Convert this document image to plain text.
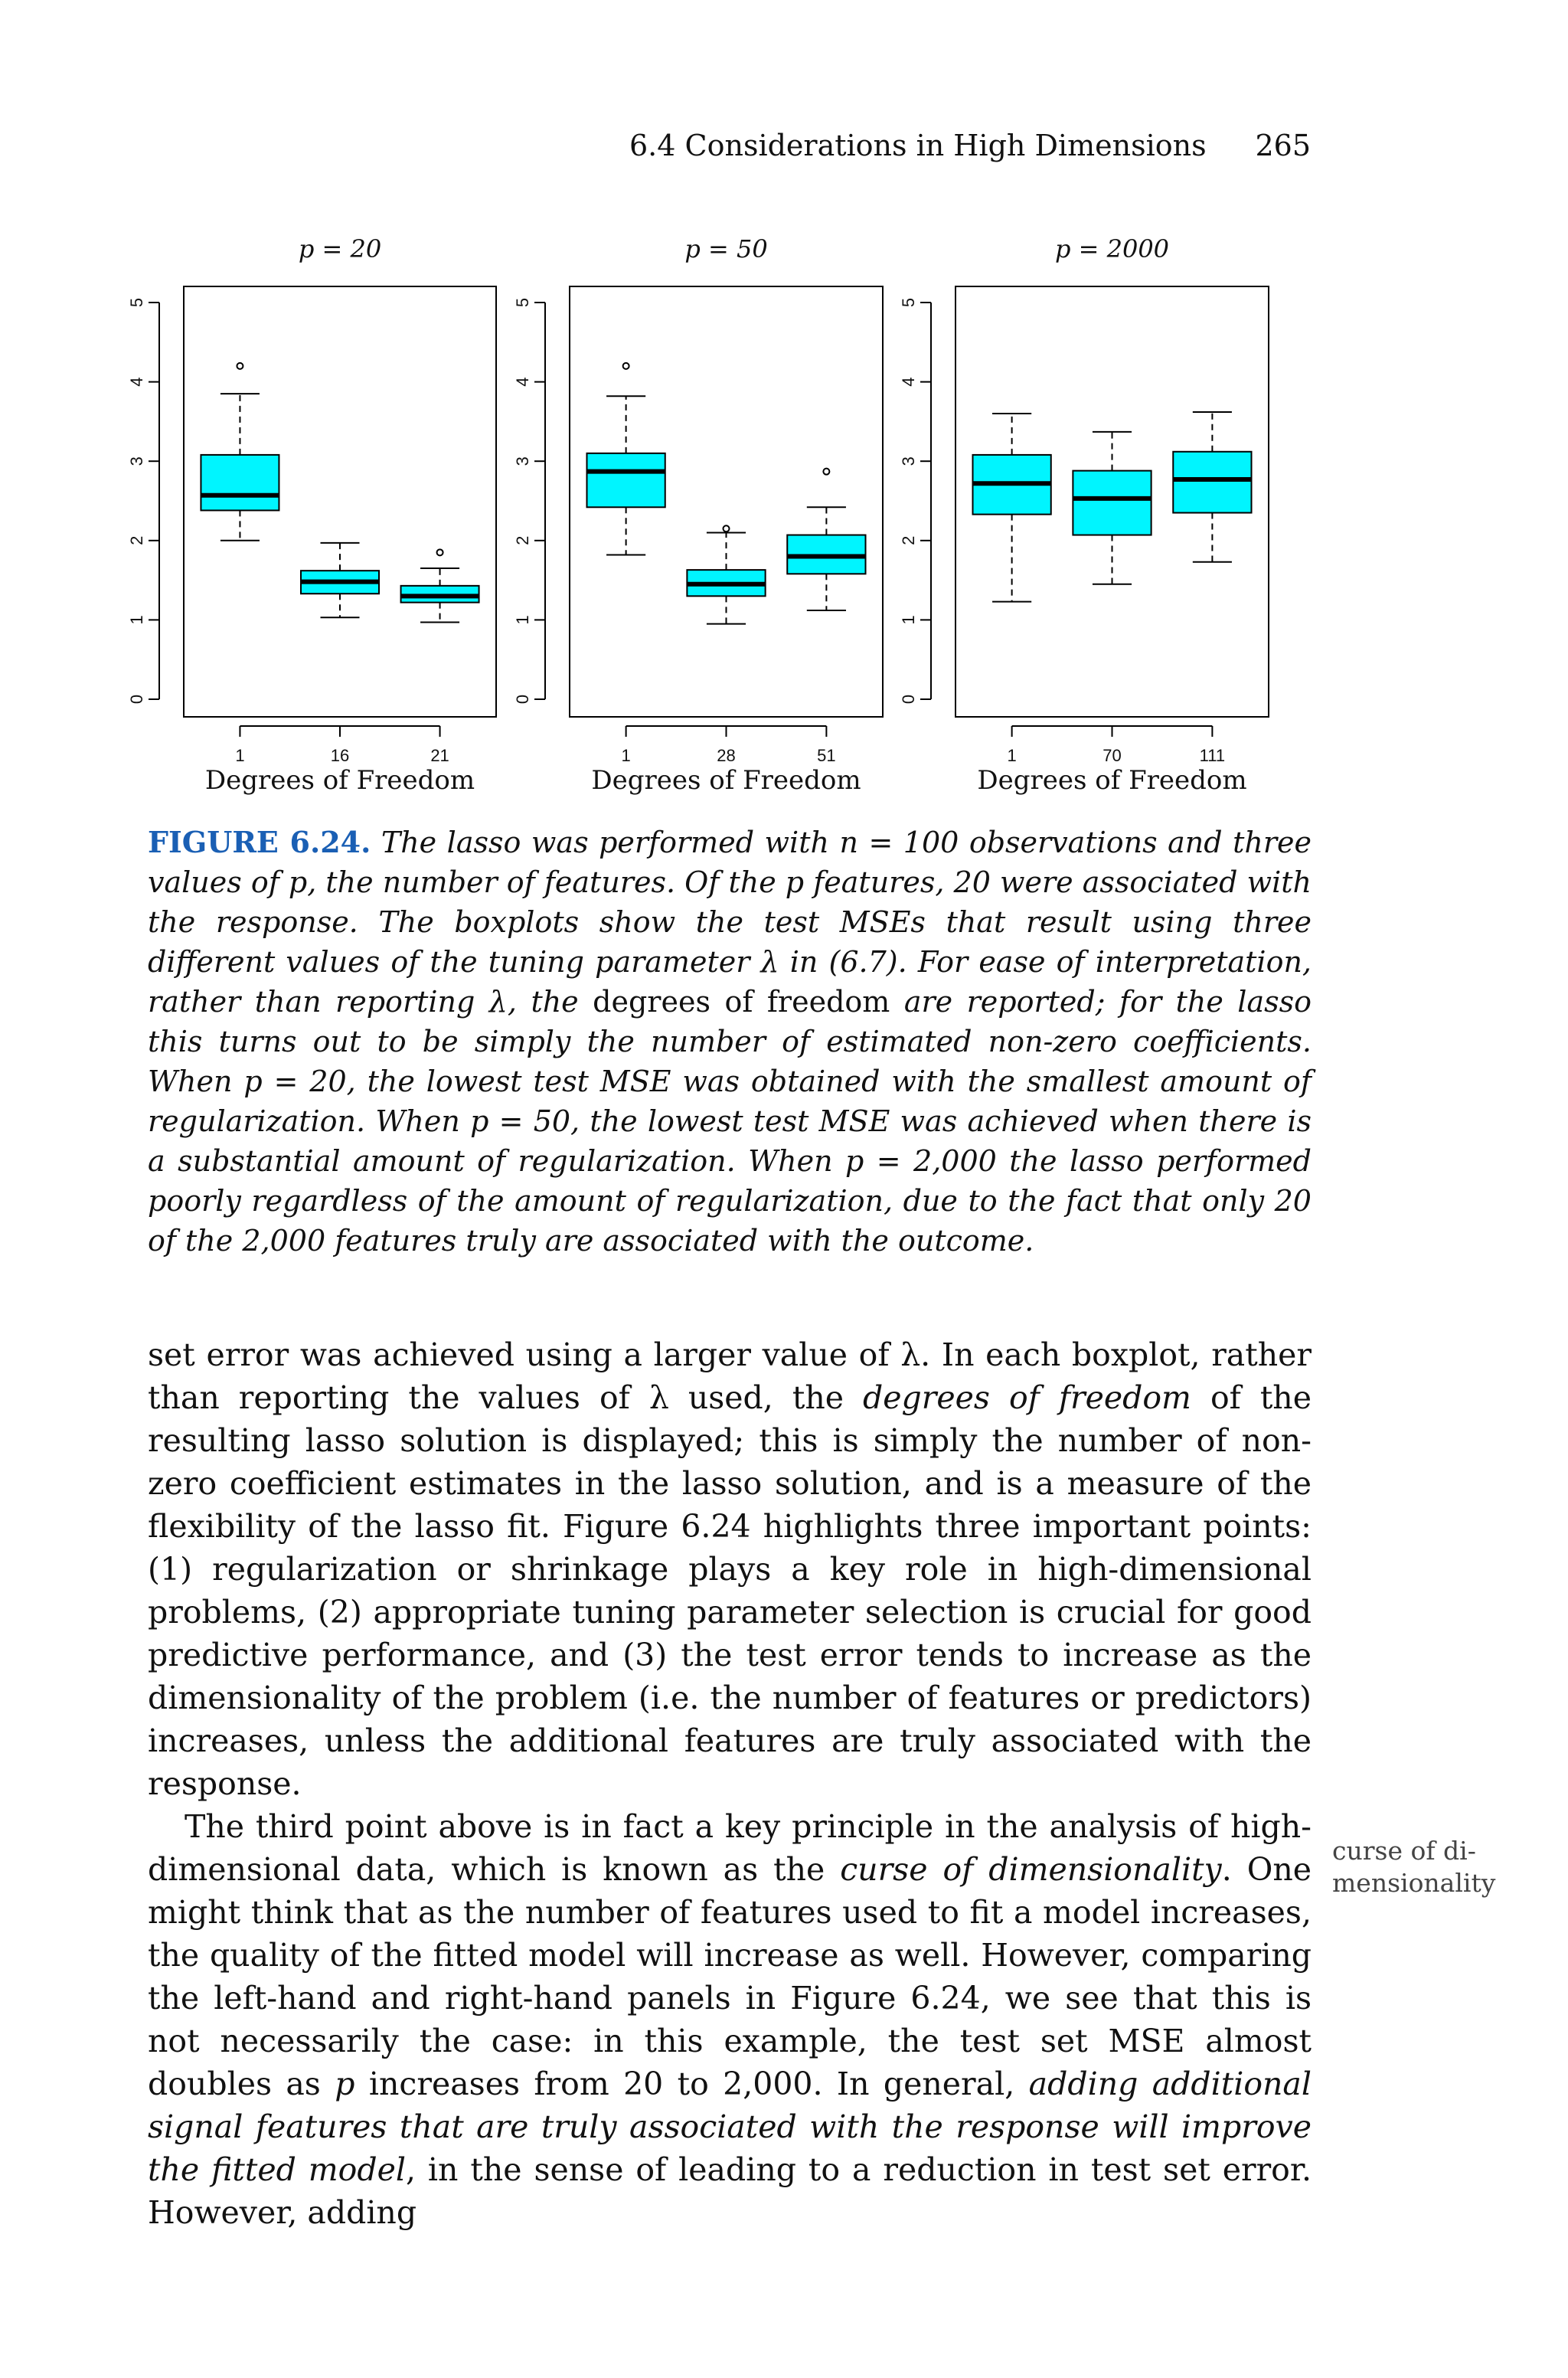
6.4 Considerations in High Dimensions 265
p = 20
Degrees of Freedom
0
1
2
3
4
5
1	16	21
p = 50
Degrees of Freedom
0
1
2
3
4
5
1	28	51
p = 2000
Degrees of Freedom
0
1
2
3
4
5
1	70	111
FIGURE 6.24. The lasso was performed with n = 100 observations and three values of p, the number of features. Of the p features, 20 were associated with the response. The boxplots show the test MSEs that result using three different values of the tuning parameter λ in (6.7). For ease of interpretation, rather than reporting λ, the degrees of freedom are reported; for the lasso this turns out to be simply the number of estimated non-zero coefficients. When p = 20, the lowest test MSE was obtained with the smallest amount of regularization. When p = 50, the lowest test MSE was achieved when there is a substantial amount of regularization. When p = 2,000 the lasso performed poorly regardless of the amount of regularization, due to the fact that only 20 of the 2,000 features truly are associated with the outcome.

set error was achieved using a larger value of λ. In each boxplot, rather than reporting the values of λ used, the degrees of freedom of the resulting lasso solution is displayed; this is simply the number of non-zero coefficient estimates in the lasso solution, and is a measure of the flexibility of the lasso fit. Figure 6.24 highlights three important points: (1) regularization or shrinkage plays a key role in high-dimensional problems, (2) appropriate tuning parameter selection is crucial for good predictive performance, and (3) the test error tends to increase as the dimensionality of the problem (i.e. the number of features or predictors) increases, unless the additional features are truly associated with the response.

The third point above is in fact a key principle in the analysis of high-dimensional data, which is known as the curse of dimensionality. One might think that as the number of features used to fit a model increases, the quality of the fitted model will increase as well. However, comparing the left-hand and right-hand panels in Figure 6.24, we see that this is not necessarily the case: in this example, the test set MSE almost doubles as p increases from 20 to 2,000. In general, adding additional signal features that are truly associated with the response will improve the fitted model, in the sense of leading to a reduction in test set error. However, adding

curse of di-
mensionality
